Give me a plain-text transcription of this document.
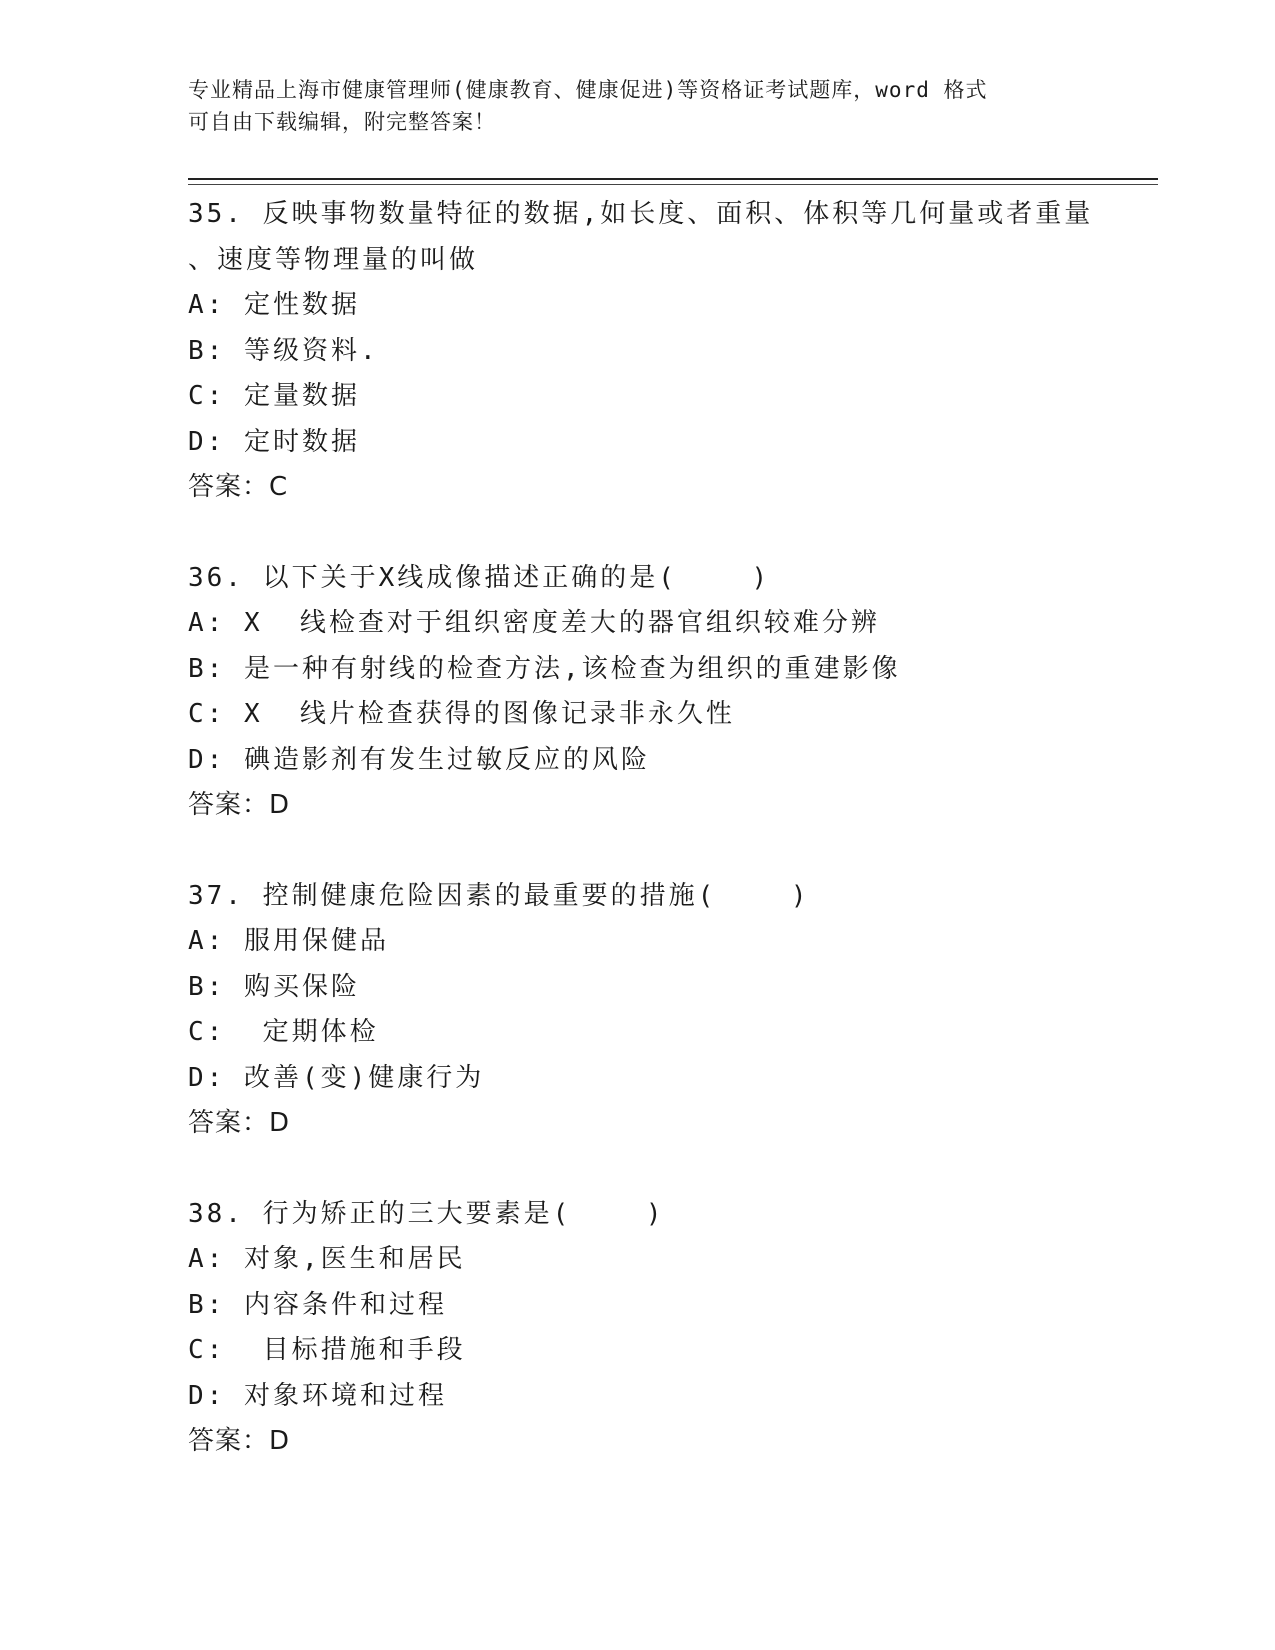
专业精品上海市健康管理师(健康教育、健康促进)等资格证考试题库，word 格式
可自由下载编辑，附完整答案！
35. 反映事物数量特征的数据,如长度、面积、体积等几何量或者重量
、速度等物理量的叫做
A: 定性数据
B: 等级资料.
C: 定量数据
D: 定时数据
答案：C
36. 以下关于X线成像描述正确的是(    )
A: X  线检查对于组织密度差大的器官组织较难分辨
B: 是一种有射线的检查方法,该检查为组织的重建影像
C: X  线片检查获得的图像记录非永久性
D: 碘造影剂有发生过敏反应的风险
答案：D
37. 控制健康危险因素的最重要的措施(    )
A: 服用保健品
B: 购买保险
C:  定期体检
D: 改善(变)健康行为
答案：D
38. 行为矫正的三大要素是(    )
A: 对象,医生和居民
B: 内容条件和过程
C:  目标措施和手段
D: 对象环境和过程
答案：D
